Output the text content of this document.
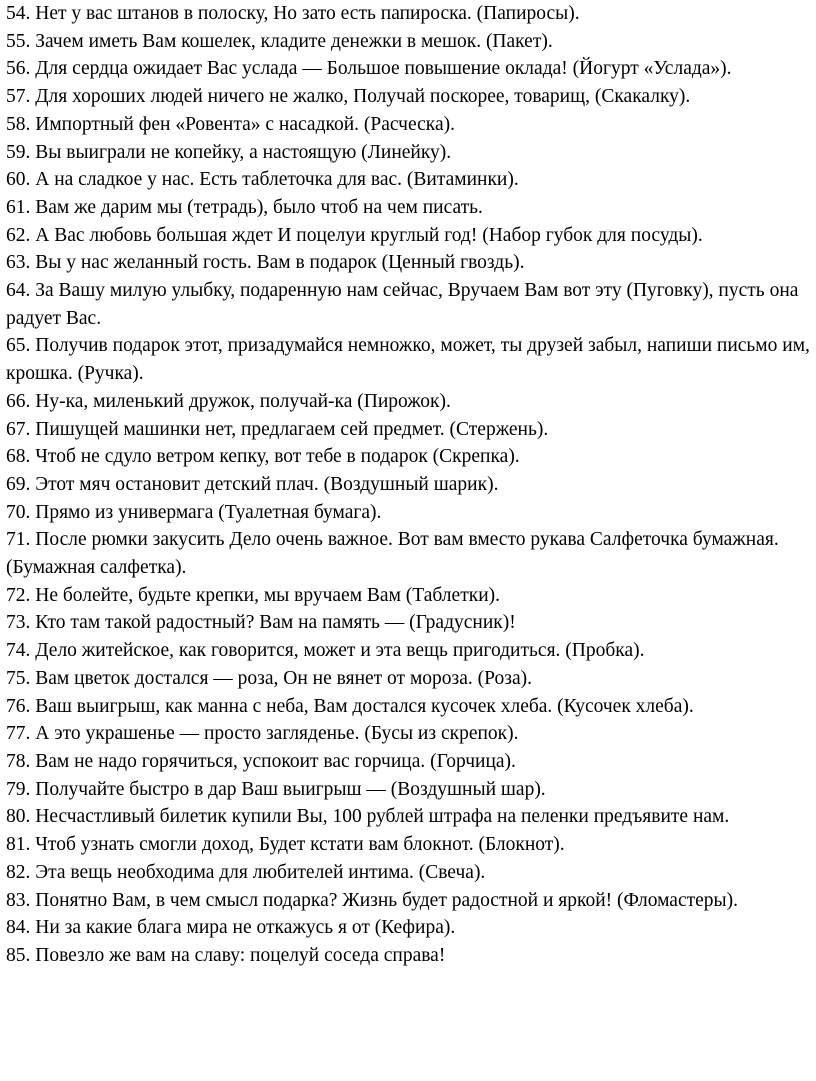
54. Нет у вас штанов в полоску, Но зато есть папироска. (Папиросы).
55. Зачем иметь Вам кошелек, кладите денежки в мешок. (Пакет).
56. Для сердца ожидает Вас услада — Большое повышение оклада! (Йогурт «Услада»).
57. Для хороших людей ничего не жалко, Получай поскорее, товарищ, (Скакалку).
58. Импортный фен «Ровента» с насадкой. (Расческа).
59. Вы выиграли не копейку, а настоящую (Линейку).
60. А на сладкое у нас. Есть таблеточка для вас. (Витаминки).
61. Вам же дарим мы (тетрадь), было чтоб на чем писать.
62. А Вас любовь большая ждет И поцелуи круглый год! (Набор губок для посуды).
63. Вы у нас желанный гость. Вам в подарок (Ценный гвоздь).
64. За Вашу милую улыбку, подаренную нам сейчас, Вручаем Вам вот эту (Пуговку), пусть она радует Вас.
65. Получив подарок этот, призадумайся немножко, может, ты друзей забыл, напиши письмо им, крошка. (Ручка).
66. Ну-ка, миленький дружок, получай-ка (Пирожок).
67. Пишущей машинки нет, предлагаем сей предмет. (Стержень).
68. Чтоб не сдуло ветром кепку, вот тебе в подарок (Скрепка).
69. Этот мяч остановит детский плач. (Воздушный шарик).
70. Прямо из универмага (Туалетная бумага).
71. После рюмки закусить Дело очень важное. Вот вам вместо рукава Салфеточка бумажная. (Бумажная салфетка).
72. Не болейте, будьте крепки, мы вручаем Вам (Таблетки).
73. Кто там такой радостный? Вам на память — (Градусник)!
74. Дело житейское, как говорится, может и эта вещь пригодиться. (Пробка).
75. Вам цветок достался — роза, Он не вянет от мороза. (Роза).
76. Ваш выигрыш, как манна с неба, Вам достался кусочек хлеба. (Кусочек хлеба).
77. А это украшенье — просто загляденье. (Бусы из скрепок).
78. Вам не надо горячиться, успокоит вас горчица. (Горчица).
79. Получайте быстро в дар Ваш выигрыш — (Воздушный шар).
80. Несчастливый билетик купили Вы, 100 рублей штрафа на пеленки предъявите нам.
81. Чтоб узнать смогли доход, Будет кстати вам блокнот. (Блокнот).
82. Эта вещь необходима для любителей интима. (Свеча).
83. Понятно Вам, в чем смысл подарка? Жизнь будет радостной и яркой! (Фломастеры).
84. Ни за какие блага мира не откажусь я от (Кефира).
85. Повезло же вам на славу: поцелуй соседа справа!
